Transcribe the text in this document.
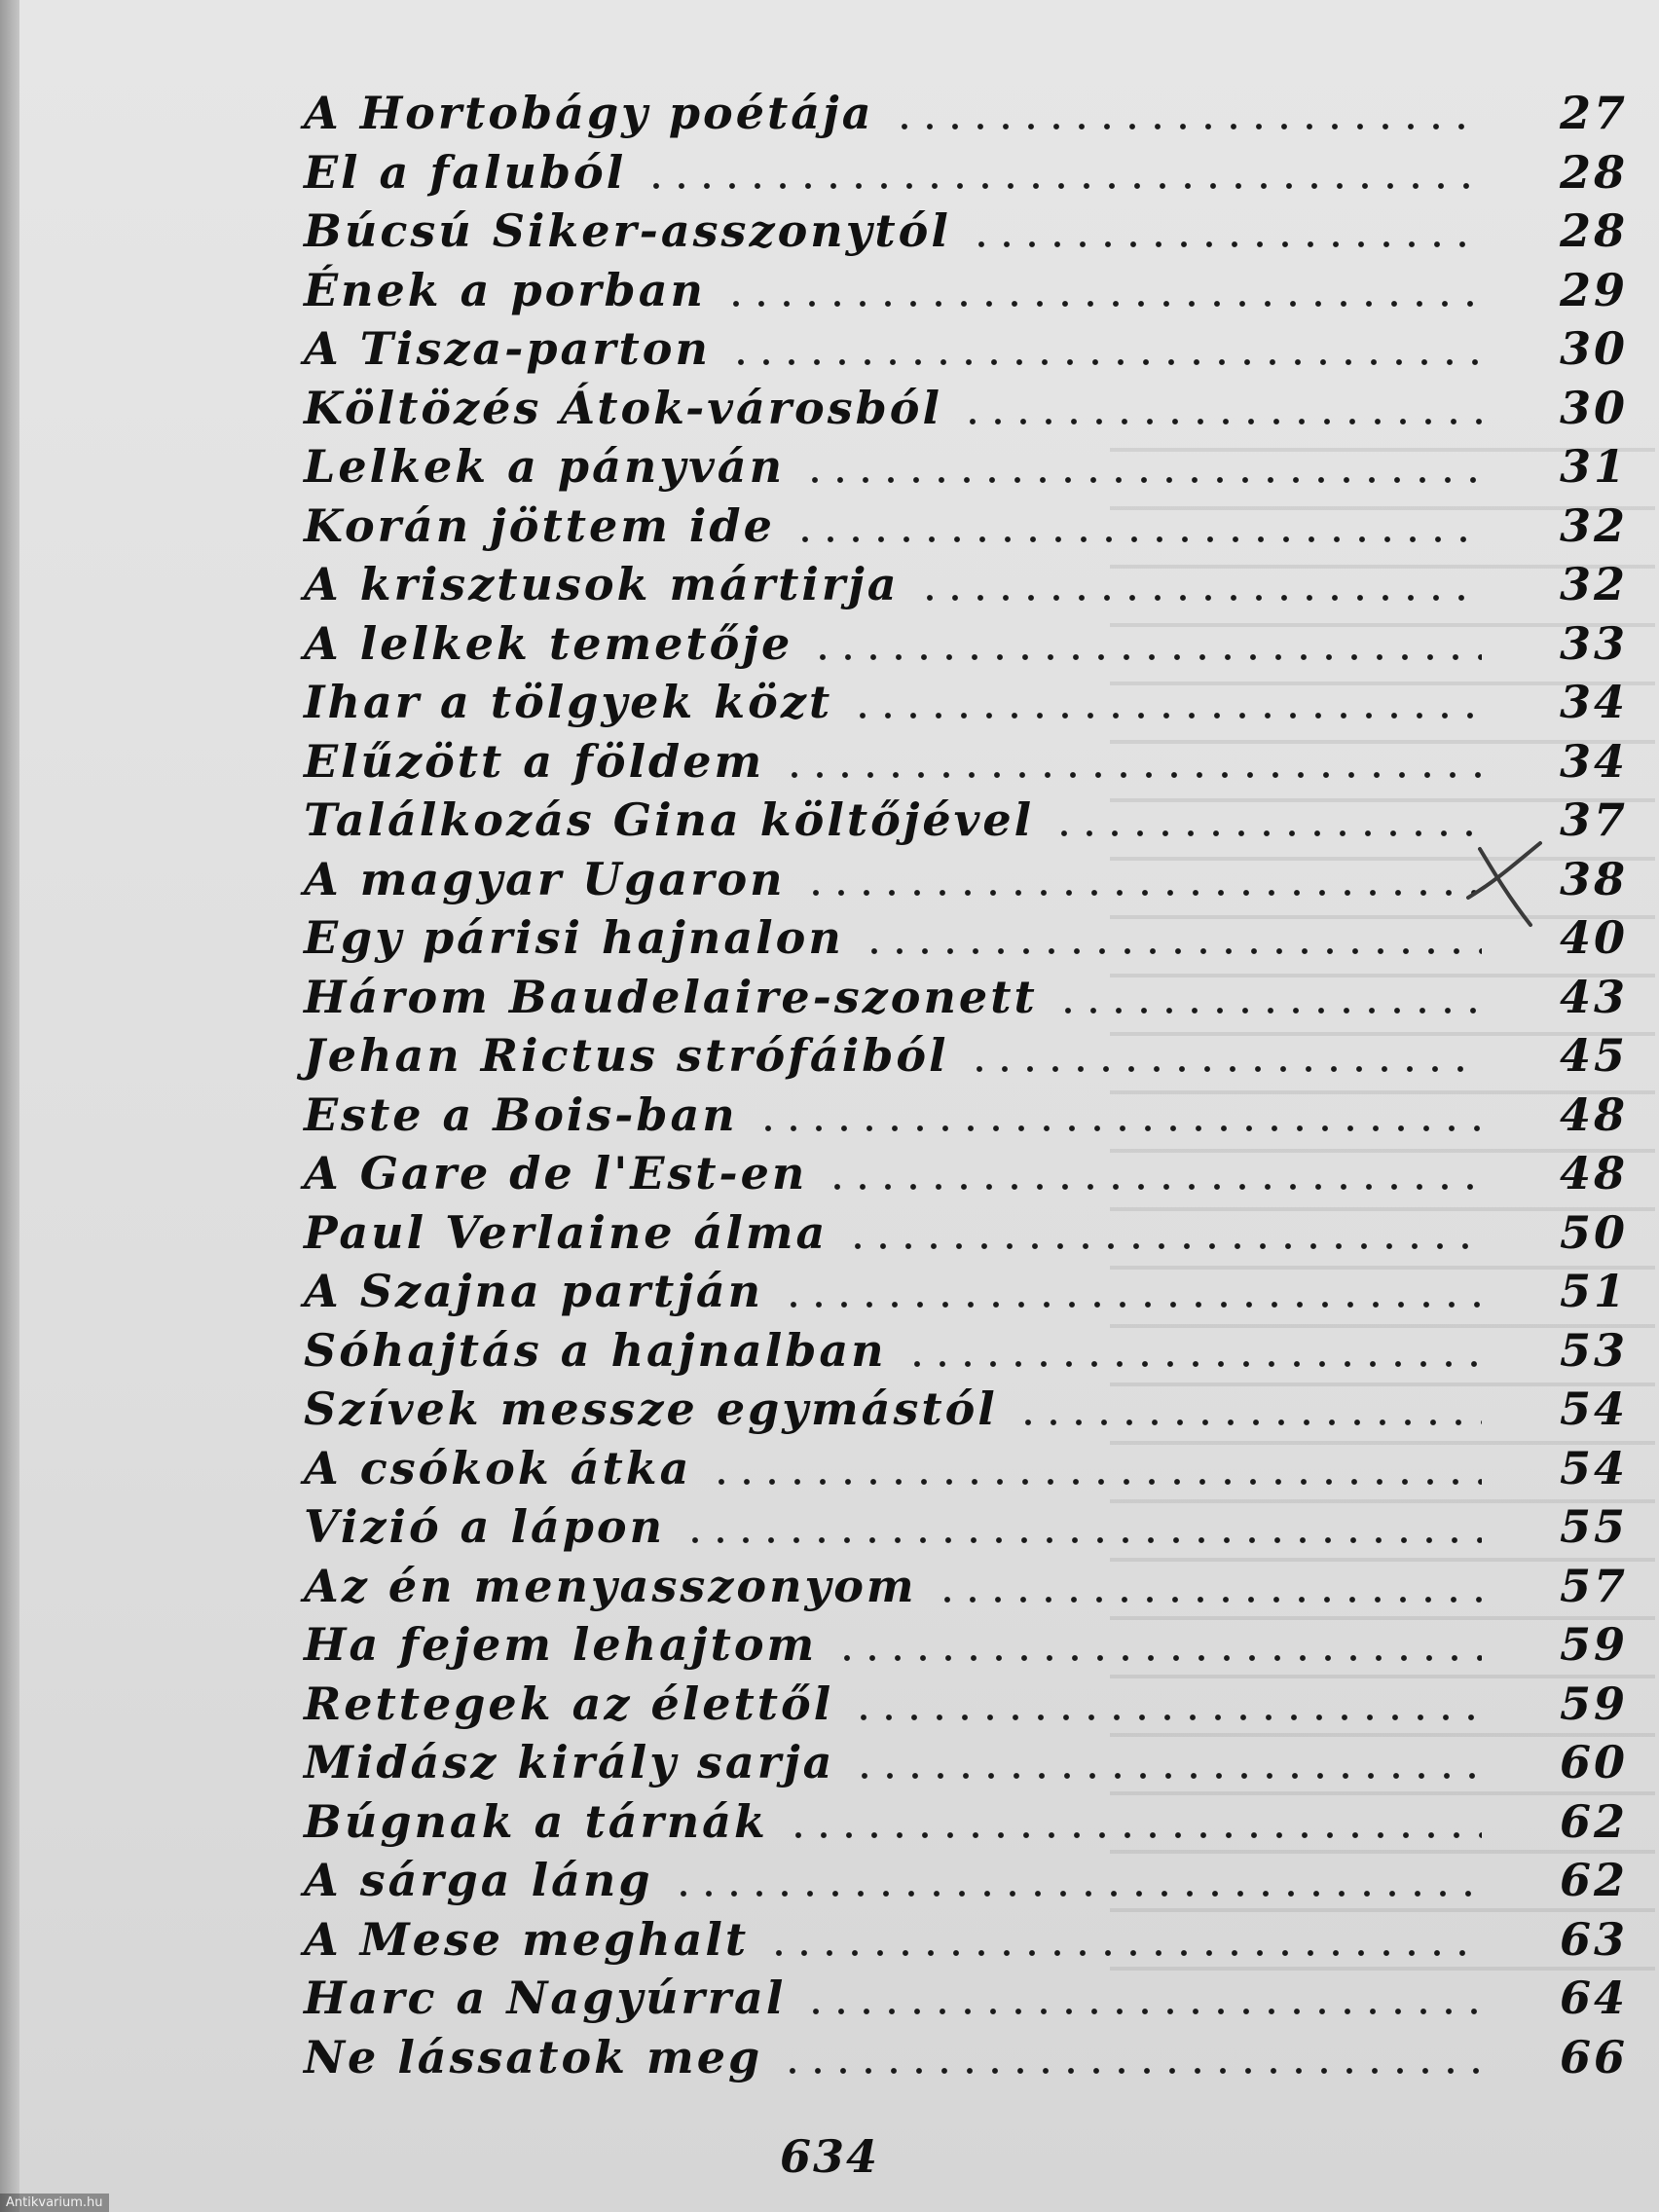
A Hortobágy poétája	27
El a faluból	28
Búcsú Siker-asszonytól	28
Ének a porban	29
A Tisza-parton	30
Költözés Átok-városból	30
Lelkek a pányván	31
Korán jöttem ide	32
A krisztusok mártirja	32
A lelkek temetője	33
Ihar a tölgyek közt	34
Elűzött a földem	34
Találkozás Gina költőjével	37
A magyar Ugaron	38
Egy párisi hajnalon	40
Három Baudelaire-szonett	43
Jehan Rictus strófáiból	45
Este a Bois-ban	48
A Gare de l'Est-en	48
Paul Verlaine álma	50
A Szajna partján	51
Sóhajtás a hajnalban	53
Szívek messze egymástól	54
A csókok átka	54
Vizió a lápon	55
Az én menyasszonyom	57
Ha fejem lehajtom	59
Rettegek az élettől	59
Midász király sarja	60
Búgnak a tárnák	62
A sárga láng	62
A Mese meghalt	63
Harc a Nagyúrral	64
Ne lássatok meg	66
634
Antikvarium.hu
